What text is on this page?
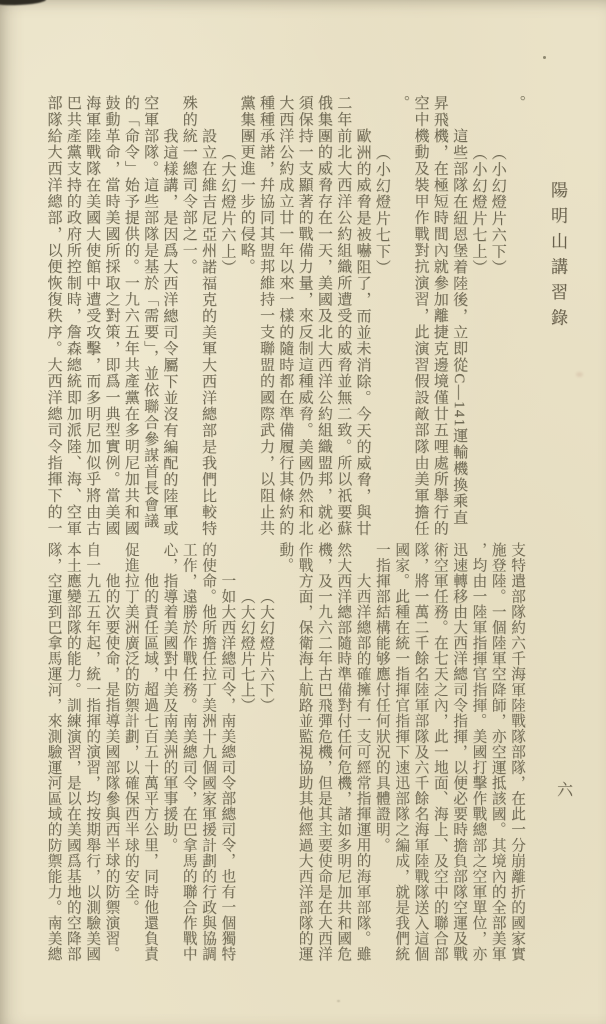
陽明山講習錄
六
。
（小幻燈片六下）
（小幻燈片七上）
這些部隊在紐恩堡着陸後，立即從C—141運輸機換乘直
昇飛機，在極短時間內就參加離捷克邊境僅廿五哩處所舉行的
空中機動及裝甲作戰對抗演習，此演習假設敵部隊由美軍擔任
。
（小幻燈片七下）
歐洲的威脅是被嚇阻了，而並未消除。今天的威脅，與廿
二年前北大西洋公約組織所遭受的威脅並無二致。所以祇要蘇
俄集團的威脅存在一天，美國及北大西洋公約組織盟邦，就必
須保持一支顯著的戰備力量，來反制這種威脅。美國仍然和北
大西洋公約成立廿一年以來一樣的隨時都在準備履行其條約的
種種承諾，幷協同其盟邦維持一支聯盟的國際武力，以阻止共
黨集團更進一步的侵略。
（大幻燈片六上）
設立在維吉尼亞州諾福克的美軍大西洋總部是我們比較特
殊的統一總司令部之一。
我這樣講，是因爲大西洋總司令屬下並沒有編配的陸軍或
空軍部隊。這些部隊是基於「需要」，並依聯合參謀首長會議
的「命令」始予提供的。一九六五年共產黨在多明尼加共和國
鼓動革命，當時美國所採取之對策，即爲一典型實例。當美國
海軍陸戰隊在美國大使館中遭受攻擊，而多明尼加似乎將由古
巴共產黨支持的政府所控制時，詹森總統即加派陸、海、空軍
部隊給大西洋總部，以便恢復秩序。大西洋總司令指揮下的一
支特遣部隊約六千海軍陸戰隊部隊，在此一分崩離折的國家實
施登陸。一個陸軍空降師，亦空運抵該國。其境內的全部美軍
，均由一陸軍指揮官指揮。美國打擊作戰總部之空軍單位，亦
迅速轉移由大西洋總司令指揮，以便必要時擔負部隊空運及戰
術空軍任務。在七天之內，此一地面、海上、及空中的聯合部
隊，將一萬二千餘名陸軍部隊及六千餘名海軍陸戰隊送入這個
國家。此種在統一指揮官指揮下速迅部隊之編成，就是我們統
一指揮部結構能够應付任何狀況的具體證明。
大西洋總部的確擁有一支可經常指揮運用的海軍部隊。雖
然大西洋總部隨時準備對付任何危機，諸如多明尼加共和國危
機，及一九六二年古巴飛彈危機，但是其主要使命是在大西洋
作戰方面，保衛海上航路並監視協助其他經過大西洋部隊的運
動。
（大幻燈片六下）
（大幻燈片七上）
一如大西洋總司令，南美總司令部總司令，也有一個獨特
的使命。他所擔任拉丁美洲十九個國家軍援計劃的行政與協調
工作，遠勝於作戰任務。南美總司令，在巴拿馬的聯合作戰中
心，指導着美國對中美及南美洲的軍事援助。
他的責任區域，超過七百五十萬平方公里，同時他還負責
促進拉丁美洲廣泛的防禦計劃，以確保西半球的安全。
他的次要使命，是指導美國部隊參與西半球的防禦演習。
自一九五五年起，統一指揮的演習，均按期舉行，以測驗美國
本土應變部隊的能力。訓練演習，是以在美國爲基地的空降部
隊，空運到巴拿馬運河，來測驗運河區域的防禦能力。南美總
